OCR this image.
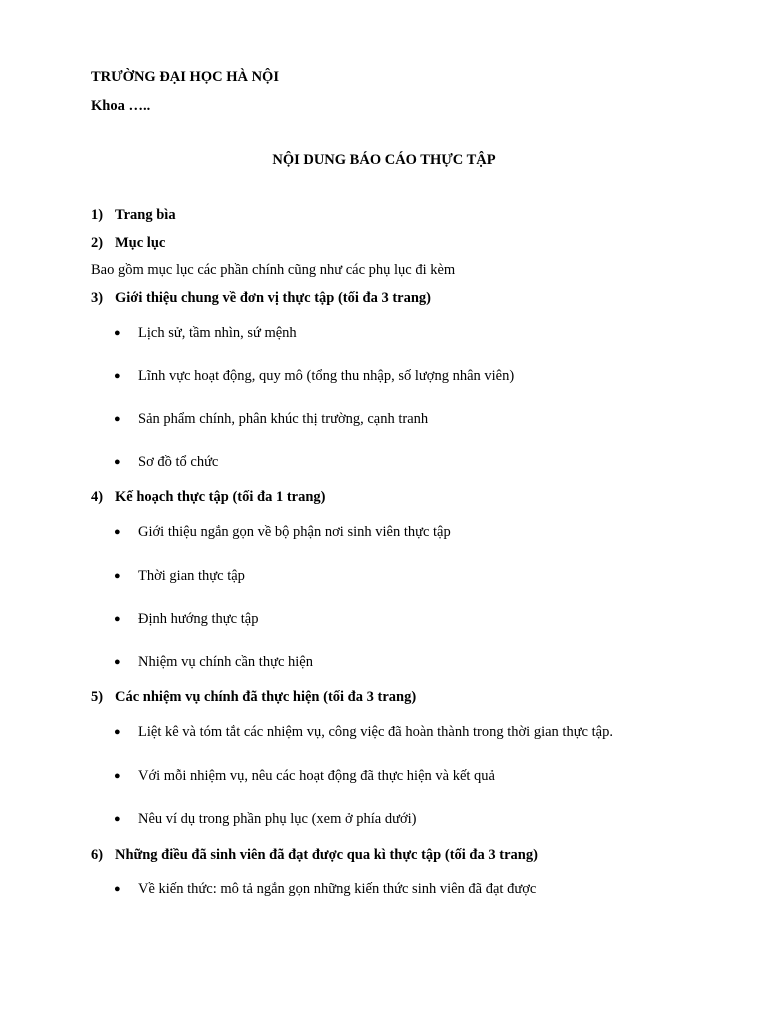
TRƯỜNG ĐẠI HỌC HÀ NỘI
Khoa …..
NỘI DUNG BÁO CÁO THỰC TẬP
1) Trang bìa
2) Mục lục
Bao gồm mục lục các phần chính cũng như các phụ lục đi kèm
3) Giới thiệu chung về đơn vị thực tập (tối đa 3 trang)
● Lịch sử, tầm nhìn, sứ mệnh
● Lĩnh vực hoạt động, quy mô (tổng thu nhập, số lượng nhân viên)
● Sản phẩm chính, phân khúc thị trường, cạnh tranh
● Sơ đồ tổ chức
4) Kế hoạch thực tập (tối đa 1 trang)
● Giới thiệu ngắn gọn về bộ phận nơi sinh viên thực tập
● Thời gian thực tập
● Định hướng thực tập
● Nhiệm vụ chính cần thực hiện
5) Các nhiệm vụ chính đã thực hiện (tối đa 3 trang)
● Liệt kê và tóm tắt các nhiệm vụ, công việc đã hoàn thành trong thời gian thực tập.
● Với mỗi nhiệm vụ, nêu các hoạt động đã thực hiện và kết quả
● Nêu ví dụ trong phần phụ lục (xem ở phía dưới)
6) Những điều đã sinh viên đã đạt được qua kì thực tập (tối đa 3 trang)
● Về kiến thức: mô tả ngắn gọn những kiến thức sinh viên đã đạt được
